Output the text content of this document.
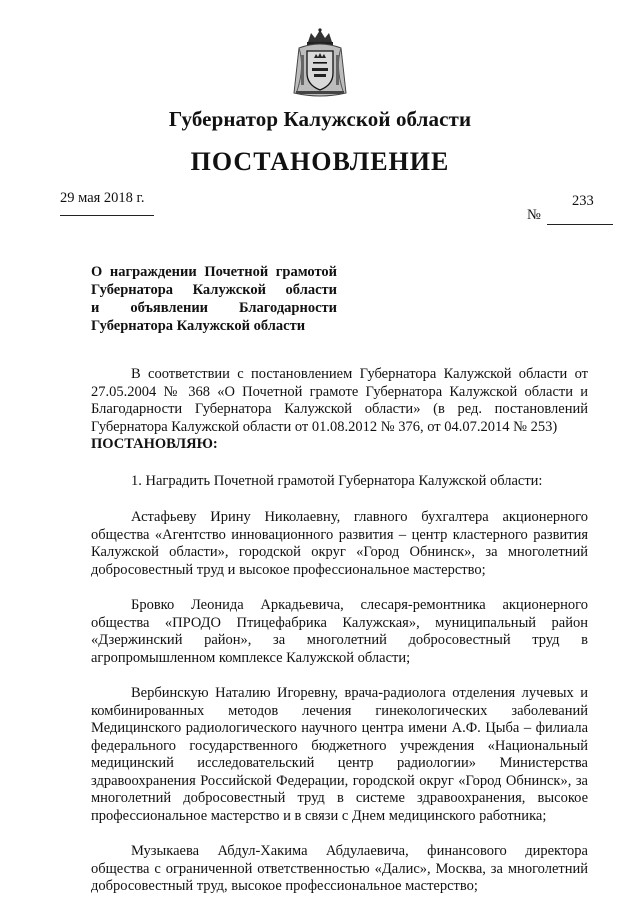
Губернатор Калужской области
ПОСТАНОВЛЕНИЕ
29 мая 2018 г.	233
№
О награждении Почетной грамотой
Губернатора Калужской области
и объявлении Благодарности
Губернатора Калужской области

В соответствии с постановлением Губернатора Калужской области от 27.05.2004 № 368 «О Почетной грамоте Губернатора Калужской области и Благодарности Губернатора Калужской области» (в ред. постановлений Губернатора Калужской области от 01.08.2012 № 376, от 04.07.2014 № 253)

ПОСТАНОВЛЯЮ:

1. Наградить Почетной грамотой Губернатора Калужской области:

Астафьеву Ирину Николаевну, главного бухгалтера акционерного общества «Агентство инновационного развития – центр кластерного развития Калужской области», городской округ «Город Обнинск», за многолетний добросовестный труд и высокое профессиональное мастерство;

Бровко Леонида Аркадьевича, слесаря-ремонтника акционерного общества «ПРОДО Птицефабрика Калужская», муниципальный район «Дзержинский район», за многолетний добросовестный труд в агропромышленном комплексе Калужской области;

Вербинскую Наталию Игоревну, врача-радиолога отделения лучевых и комбинированных методов лечения гинекологических заболеваний Медицинского радиологического научного центра имени А.Ф. Цыба – филиала федерального государственного бюджетного учреждения «Национальный медицинский исследовательский центр радиологии» Министерства здравоохранения Российской Федерации, городской округ «Город Обнинск», за многолетний добросовестный труд в системе здравоохранения, высокое профессиональное мастерство и в связи с Днем медицинского работника;

Музыкаева Абдул-Хакима Абдулаевича, финансового директора общества с ограниченной ответственностью «Далис», Москва, за многолетний добросовестный труд, высокое профессиональное мастерство;
